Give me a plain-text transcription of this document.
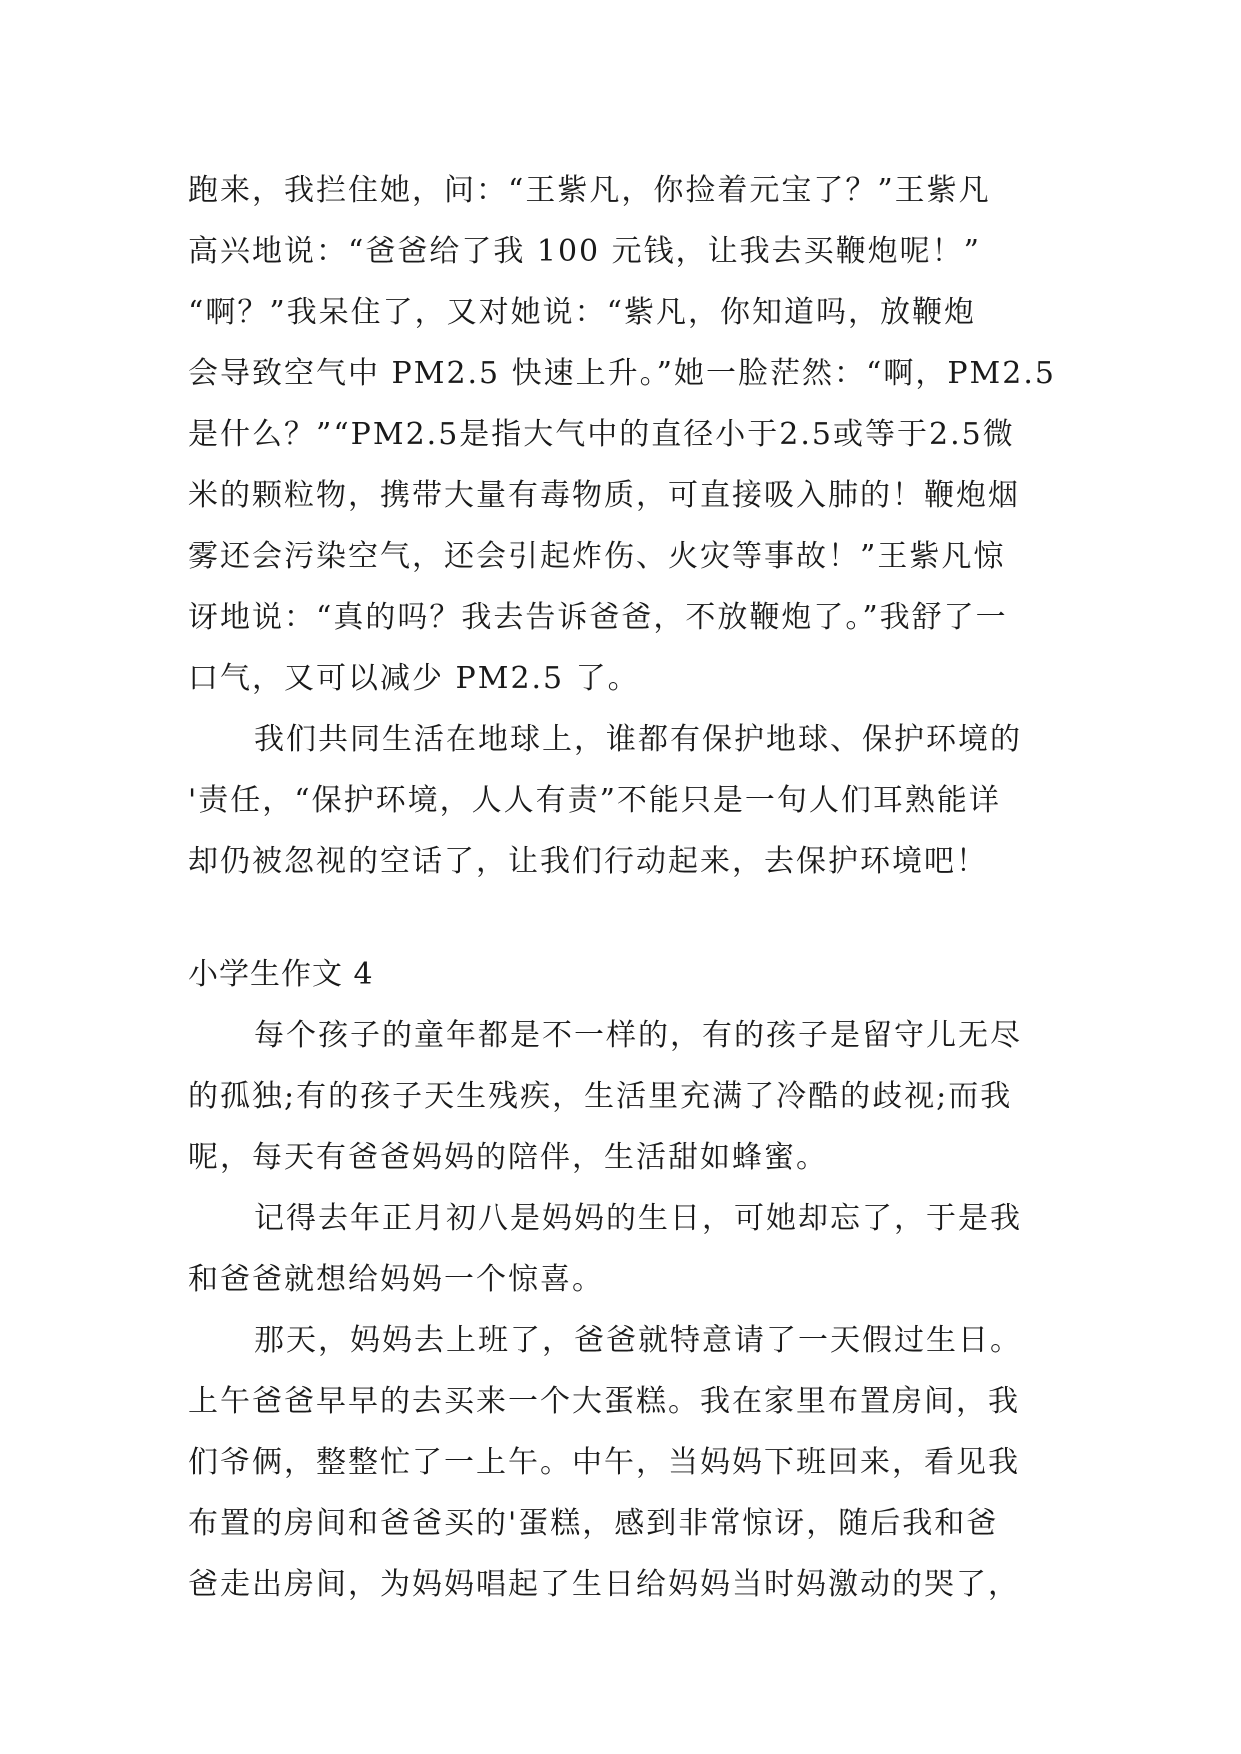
跑来，我拦住她，问：“王紫凡，你捡着元宝了？”王紫凡
高兴地说：“爸爸给了我 100 元钱，让我去买鞭炮呢！”
“啊？”我呆住了，又对她说：“紫凡，你知道吗，放鞭炮
会导致空气中 PM2.5 快速上升。”她一脸茫然：“啊，PM2.5
是什么？”“PM2.5是指大气中的直径小于2.5或等于2.5微
米的颗粒物，携带大量有毒物质，可直接吸入肺的！鞭炮烟
雾还会污染空气，还会引起炸伤、火灾等事故！”王紫凡惊
讶地说：“真的吗？我去告诉爸爸，不放鞭炮了。”我舒了一
口气，又可以减少 PM2.5 了。
我们共同生活在地球上，谁都有保护地球、保护环境的
'责任，“保护环境，人人有责”不能只是一句人们耳熟能详
却仍被忽视的空话了，让我们行动起来，去保护环境吧！
小学生作文 4
每个孩子的童年都是不一样的，有的孩子是留守儿无尽
的孤独;有的孩子天生残疾，生活里充满了冷酷的歧视;而我
呢，每天有爸爸妈妈的陪伴，生活甜如蜂蜜。
记得去年正月初八是妈妈的生日，可她却忘了，于是我
和爸爸就想给妈妈一个惊喜。
那天，妈妈去上班了，爸爸就特意请了一天假过生日。
上午爸爸早早的去买来一个大蛋糕。我在家里布置房间，我
们爷俩，整整忙了一上午。中午，当妈妈下班回来，看见我
布置的房间和爸爸买的'蛋糕，感到非常惊讶，随后我和爸
爸走出房间，为妈妈唱起了生日给妈妈当时妈激动的哭了，
